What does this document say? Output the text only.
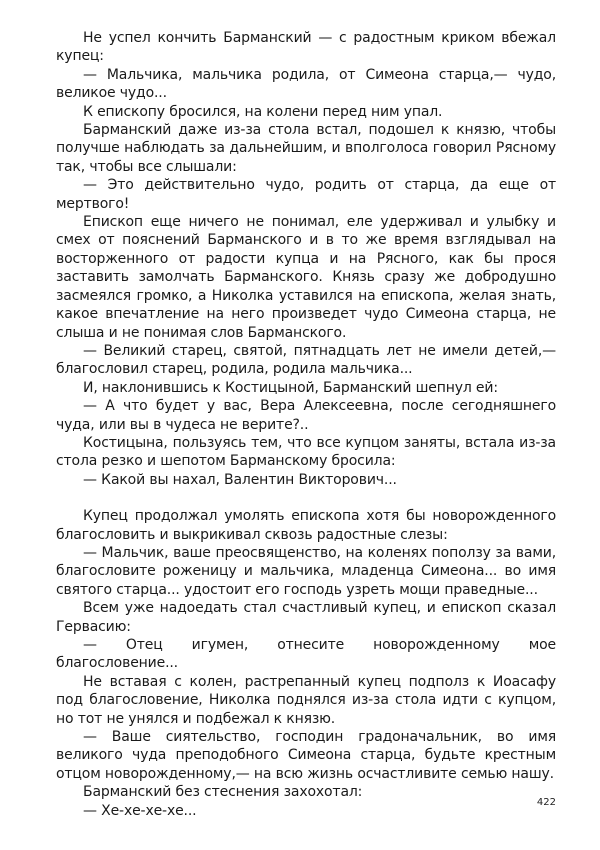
Не успел кончить Барманский — с радостным криком вбежал купец:

— Мальчика, мальчика родила, от Симеона старца,— чудо, великое чудо...

К епископу бросился, на колени перед ним упал.

Барманский даже из-за стола встал, подошел к князю, чтобы получше наблюдать за дальнейшим, и вполголоса говорил Рясному так, чтобы все слышали:

— Это действительно чудо, родить от старца, да еще от мертвого!

Епископ еще ничего не понимал, еле удерживал и улыбку и смех от пояснений Барманского и в то же время взглядывал на восторженного от радости купца и на Рясного, как бы прося заставить замолчать Барманского. Князь сразу же добродушно засмеялся громко, а Николка уставился на епископа, желая знать, какое впечатление на него произведет чудо Симеона старца, не слыша и не понимая слов Барманского.

— Великий старец, святой, пятнадцать лет не имели детей,— благословил старец, родила, родила мальчика...

И, наклонившись к Костицыной, Барманский шепнул ей:

— А что будет у вас, Вера Алексеевна, после сегодняшнего чуда, или вы в чудеса не верите?..

Костицына, пользуясь тем, что все купцом заняты, встала из-за стола резко и шепотом Барманскому бросила:

— Какой вы нахал, Валентин Викторович...

Купец продолжал умолять епископа хотя бы новорожденного благословить и выкрикивал сквозь радостные слезы:

— Мальчик, ваше преосвященство, на коленях поползу за вами, благословите роженицу и мальчика, младенца Симеона... во имя святого старца... удостоит его господь узреть мощи праведные...

Всем уже надоедать стал счастливый купец, и епископ сказал Гервасию:

— Отец игумен, отнесите новорожденному мое благословение...

Не вставая с колен, растрепанный купец подполз к Иоасафу под благословение, Николка поднялся из-за стола идти с купцом, но тот не унялся и подбежал к князю.

— Ваше сиятельство, господин градоначальник, во имя великого чуда преподобного Симеона старца, будьте крестным отцом новорожденному,— на всю жизнь осчастливите семью нашу.

Барманский без стеснения захохотал:

— Хе-хе-хе-хе...

422
